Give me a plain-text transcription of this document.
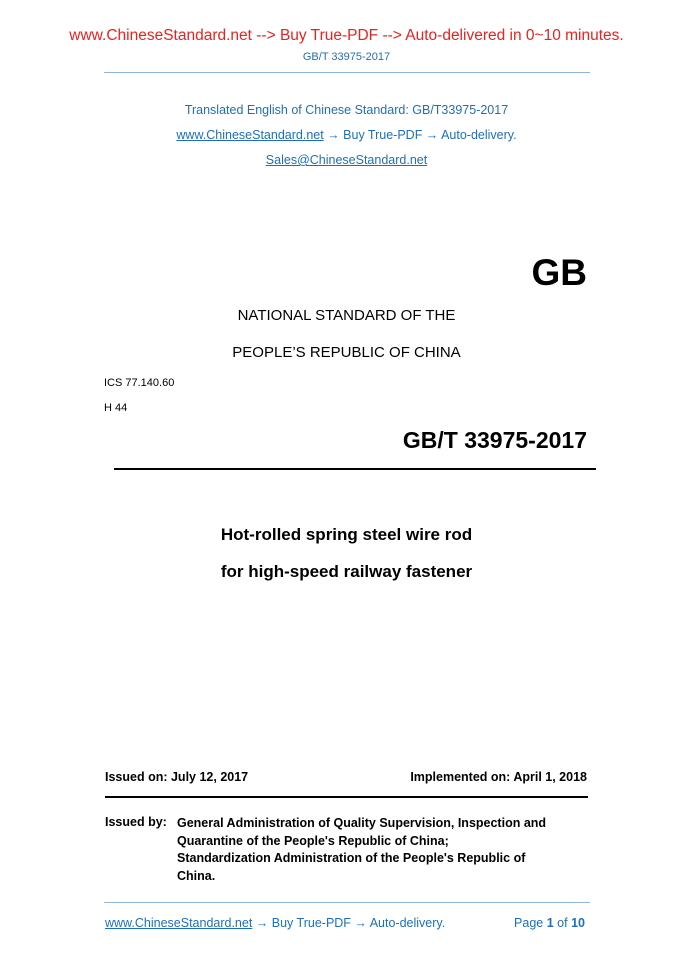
www.ChineseStandard.net --> Buy True-PDF --> Auto-delivered in 0~10 minutes.
GB/T 33975-2017
Translated English of Chinese Standard: GB/T33975-2017
www.ChineseStandard.net → Buy True-PDF → Auto-delivery.
Sales@ChineseStandard.net
GB
NATIONAL STANDARD OF THE
PEOPLE’S REPUBLIC OF CHINA
ICS 77.140.60
H 44
GB/T 33975-2017
Hot-rolled spring steel wire rod
for high-speed railway fastener
Issued on: July 12, 2017	Implemented on: April 1, 2018
Issued by: General Administration of Quality Supervision, Inspection and
Quarantine of the People's Republic of China;
Standardization Administration of the People's Republic of
China.
www.ChineseStandard.net → Buy True-PDF → Auto-delivery.	Page 1 of 10
